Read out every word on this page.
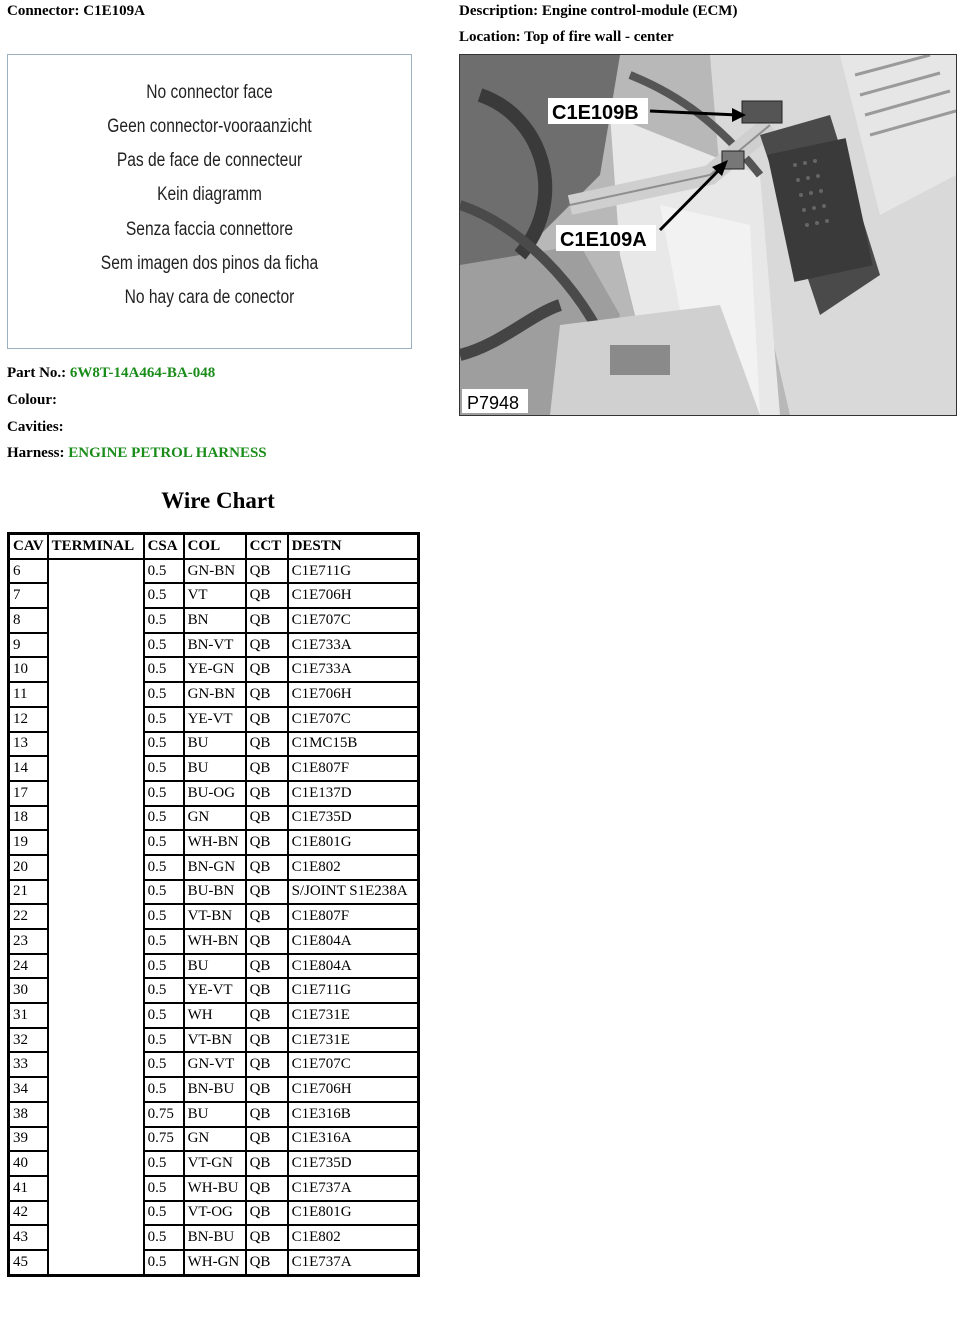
Connector: C1E109A	Description: Engine control-module (ECM)
Location: Top of fire wall - center
No connector face
Geen connector-vooraanzicht
Pas de face de connecteur
Kein diagramm
Senza faccia connettore
Sem imagen dos pinos da ficha
No hay cara de conector
C1E109B
C1E109A
P7948
Part No.: 6W8T-14A464-BA-048
Colour:
Cavities:
Harness: ENGINE PETROL HARNESS
Wire Chart
CAV	TERMINAL	CSA	COL	CCT	DESTN
6		0.5	GN-BN	QB	C1E711G
7		0.5	VT	QB	C1E706H
8		0.5	BN	QB	C1E707C
9		0.5	BN-VT	QB	C1E733A
10		0.5	YE-GN	QB	C1E733A
11		0.5	GN-BN	QB	C1E706H
12		0.5	YE-VT	QB	C1E707C
13		0.5	BU	QB	C1MC15B
14		0.5	BU	QB	C1E807F
17		0.5	BU-OG	QB	C1E137D
18		0.5	GN	QB	C1E735D
19		0.5	WH-BN	QB	C1E801G
20		0.5	BN-GN	QB	C1E802
21		0.5	BU-BN	QB	S/JOINT S1E238A
22		0.5	VT-BN	QB	C1E807F
23		0.5	WH-BN	QB	C1E804A
24		0.5	BU	QB	C1E804A
30		0.5	YE-VT	QB	C1E711G
31		0.5	WH	QB	C1E731E
32		0.5	VT-BN	QB	C1E731E
33		0.5	GN-VT	QB	C1E707C
34		0.5	BN-BU	QB	C1E706H
38		0.75	BU	QB	C1E316B
39		0.75	GN	QB	C1E316A
40		0.5	VT-GN	QB	C1E735D
41		0.5	WH-BU	QB	C1E737A
42		0.5	VT-OG	QB	C1E801G
43		0.5	BN-BU	QB	C1E802
45		0.5	WH-GN	QB	C1E737A
